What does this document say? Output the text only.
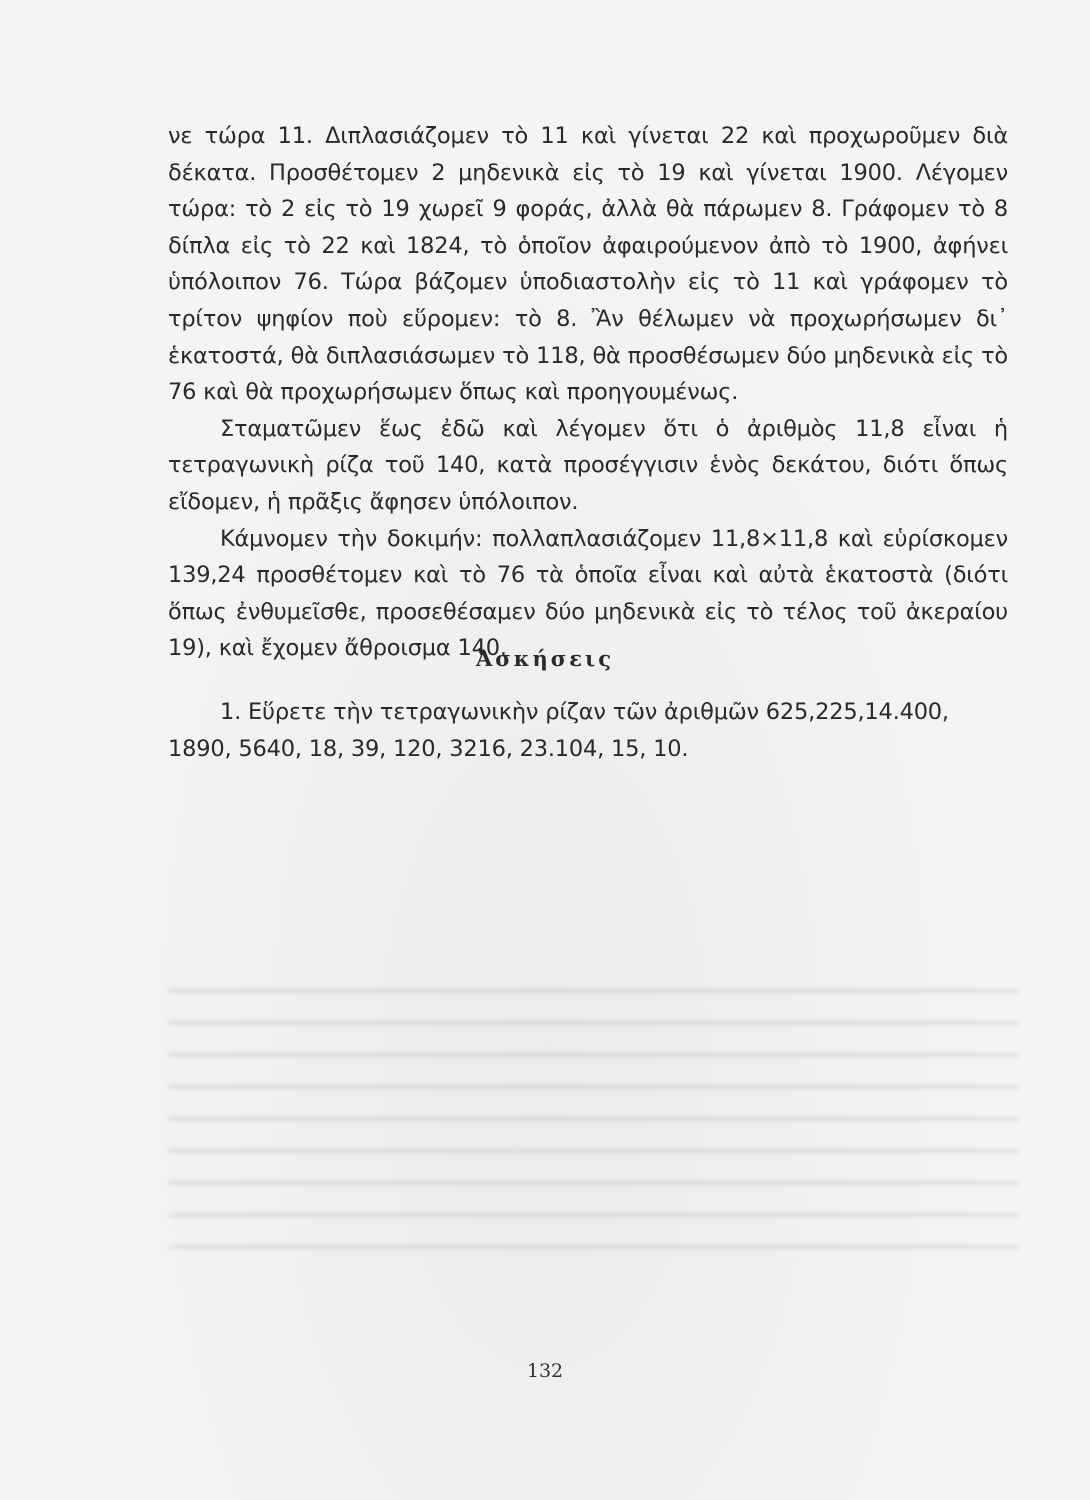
νε τώρα 11. Διπλασιάζομεν τὸ 11 καὶ γίνεται 22 καὶ προχωροῦμεν διὰ δέκατα. Προσθέτομεν 2 μηδενικὰ εἰς τὸ 19 καὶ γίνεται 1900. Λέγομεν τώρα: τὸ 2 εἰς τὸ 19 χωρεῖ 9 φοράς, ἀλλὰ θὰ πάρωμεν 8. Γράφομεν τὸ 8 δίπλα εἰς τὸ 22 καὶ 1824, τὸ ὁποῖον ἀφαιρούμενον ἀπὸ τὸ 1900, ἀφήνει ὑπόλοιπον 76. Τώρα βάζομεν ὑποδιαστολὴν εἰς τὸ 11 καὶ γράφομεν τὸ τρίτον ψηφίον ποὺ εὕρομεν: τὸ 8. Ἂν θέλωμεν νὰ προχωρήσωμεν δι᾽ ἑκατοστά, θὰ διπλασιάσωμεν τὸ 118, θὰ προσθέσωμεν δύο μηδενικὰ εἰς τὸ 76 καὶ θὰ προχωρήσωμεν ὅπως καὶ προηγουμένως.

Σταματῶμεν ἕως ἐδῶ καὶ λέγομεν ὅτι ὁ ἀριθμὸς 11,8 εἶναι ἡ τετραγωνικὴ ρίζα τοῦ 140, κατὰ προσέγγισιν ἑνὸς δεκάτου, διότι ὅπως εἴδομεν, ἡ πρᾶξις ἄφησεν ὑπόλοιπον.

Κάμνομεν τὴν δοκιμήν: πολλαπλασιάζομεν 11,8×11,8 καὶ εὑρίσκομεν 139,24 προσθέτομεν καὶ τὸ 76 τὰ ὁποῖα εἶναι καὶ αὐτὰ ἑκατοστὰ (διότι ὅπως ἐνθυμεῖσθε, προσεθέσαμεν δύο μηδενικὰ εἰς τὸ τέλος τοῦ ἀκεραίου 19), καὶ ἔχομεν ἄθροισμα 140.

Ἀσκήσεις

1. Εὕρετε τὴν τετραγωνικὴν ρίζαν τῶν ἀριθμῶν 625,225,14.400, 1890, 5640, 18, 39, 120, 3216, 23.104, 15, 10.

132
